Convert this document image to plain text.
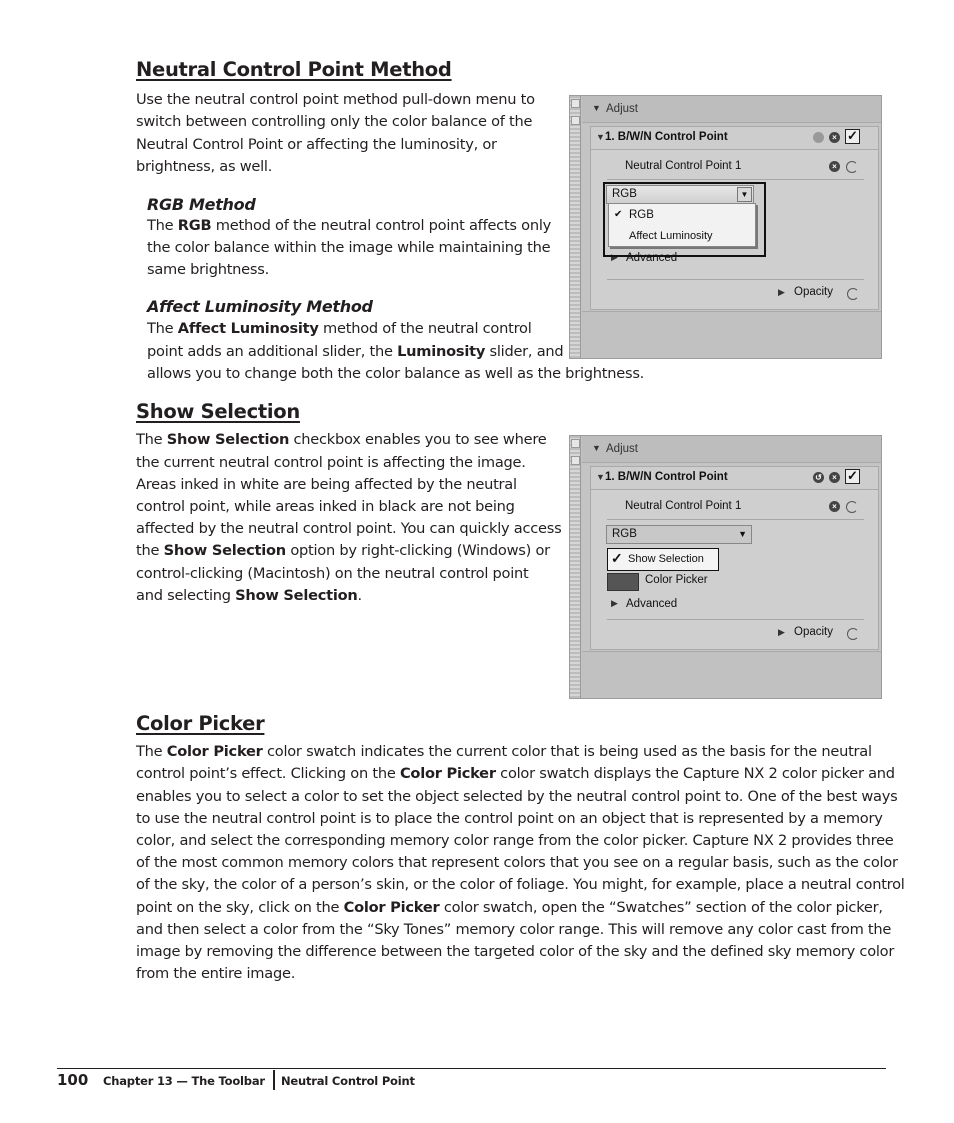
Neutral Control Point Method

Use the neutral control point method pull-down menu to

switch between controlling only the color balance of the

Neutral Control Point or affecting the luminosity, or

brightness, as well.

RGB Method

The RGB method of the neutral control point affects only

the color balance within the image while maintaining the

same brightness.

Affect Luminosity Method

The Affect Luminosity method of the neutral control

point adds an additional slider, the Luminosity slider, and

allows you to change both the color balance as well as the brightness.

▼ Adjust
▼ 1. B/W/N Control Point	× ✓
Neutral Control Point 1	×
RGB	▼
✔ RGB
Affect Luminosity
▶ Advanced
▶ Opacity
Show Selection

The Show Selection checkbox enables you to see where

the current neutral control point is affecting the image.

Areas inked in white are being affected by the neutral

control point, while areas inked in black are not being

affected by the neutral control point. You can quickly access

the Show Selection option by right-clicking (Windows) or

control-clicking (Macintosh) on the neutral control point

and selecting Show Selection.

▼ Adjust
▼ 1. B/W/N Control Point	↺	× ✓
Neutral Control Point 1	×
RGB	▼
✓ Show Selection
Color Picker
▶ Advanced
▶ Opacity
Color Picker

The Color Picker color swatch indicates the current color that is being used as the basis for the neutral

control point’s effect. Clicking on the Color Picker color swatch displays the Capture NX 2 color picker and

enables you to select a color to set the object selected by the neutral control point to. One of the best ways

to use the neutral control point is to place the control point on an object that is represented by a memory

color, and select the corresponding memory color range from the color picker. Capture NX 2 provides three

of the most common memory colors that represent colors that you see on a regular basis, such as the color

of the sky, the color of a person’s skin, or the color of foliage. You might, for example, place a neutral control

point on the sky, click on the Color Picker color swatch, open the “Swatches” section of the color picker,

and then select a color from the “Sky Tones” memory color range. This will remove any color cast from the

image by removing the difference between the targeted color of the sky and the defined sky memory color

from the entire image.

100 Chapter 13 — The Toolbar Neutral Control Point
